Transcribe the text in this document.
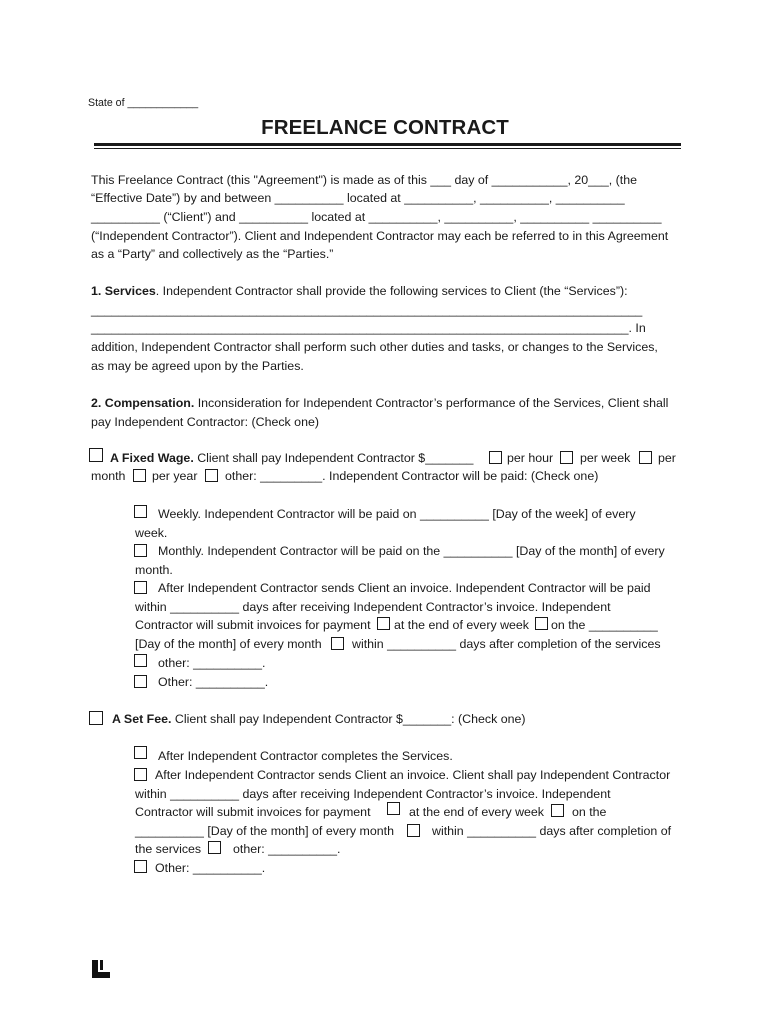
State of ____________
FREELANCE CONTRACT
This Freelance Contract (this "Agreement") is made as of this ___ day of ___________, 20___, (the
“Effective Date”) by and between __________ located at __________, __________, __________
__________ (“Client”) and __________ located at __________, __________, __________ __________
(“Independent Contractor”). Client and Independent Contractor may each be referred to in this Agreement
as a “Party” and collectively as the “Parties.”
1. Services. Independent Contractor shall provide the following services to Client (the “Services”):
________________________________________________________________________________
______________________________________________________________________________. In
addition, Independent Contractor shall perform such other duties and tasks, or changes to the Services,
as may be agreed upon by the Parties.
2. Compensation. Inconsideration for Independent Contractor’s performance of the Services, Client shall
pay Independent Contractor: (Check one)
A Fixed Wage. Client shall pay Independent Contractor $_______	per hour per week per
month per year other: _________. Independent Contractor will be paid: (Check one)
Weekly. Independent Contractor will be paid on __________ [Day of the week] of every
week.
Monthly. Independent Contractor will be paid on the __________ [Day of the month] of every
month.
After Independent Contractor sends Client an invoice. Independent Contractor will be paid
within __________ days after receiving Independent Contractor’s invoice. Independent
Contractor will submit invoices for payment at the end of every week on the __________
[Day of the month] of every month within __________ days after completion of the services
other: __________.
Other: __________.
A Set Fee. Client shall pay Independent Contractor $_______: (Check one)
After Independent Contractor completes the Services.
After Independent Contractor sends Client an invoice. Client shall pay Independent Contractor
within __________ days after receiving Independent Contractor’s invoice. Independent
Contractor will submit invoices for payment	at the end of every week on the
__________ [Day of the month] of every month	within __________ days after completion of
the services	other: __________.
Other: __________.
